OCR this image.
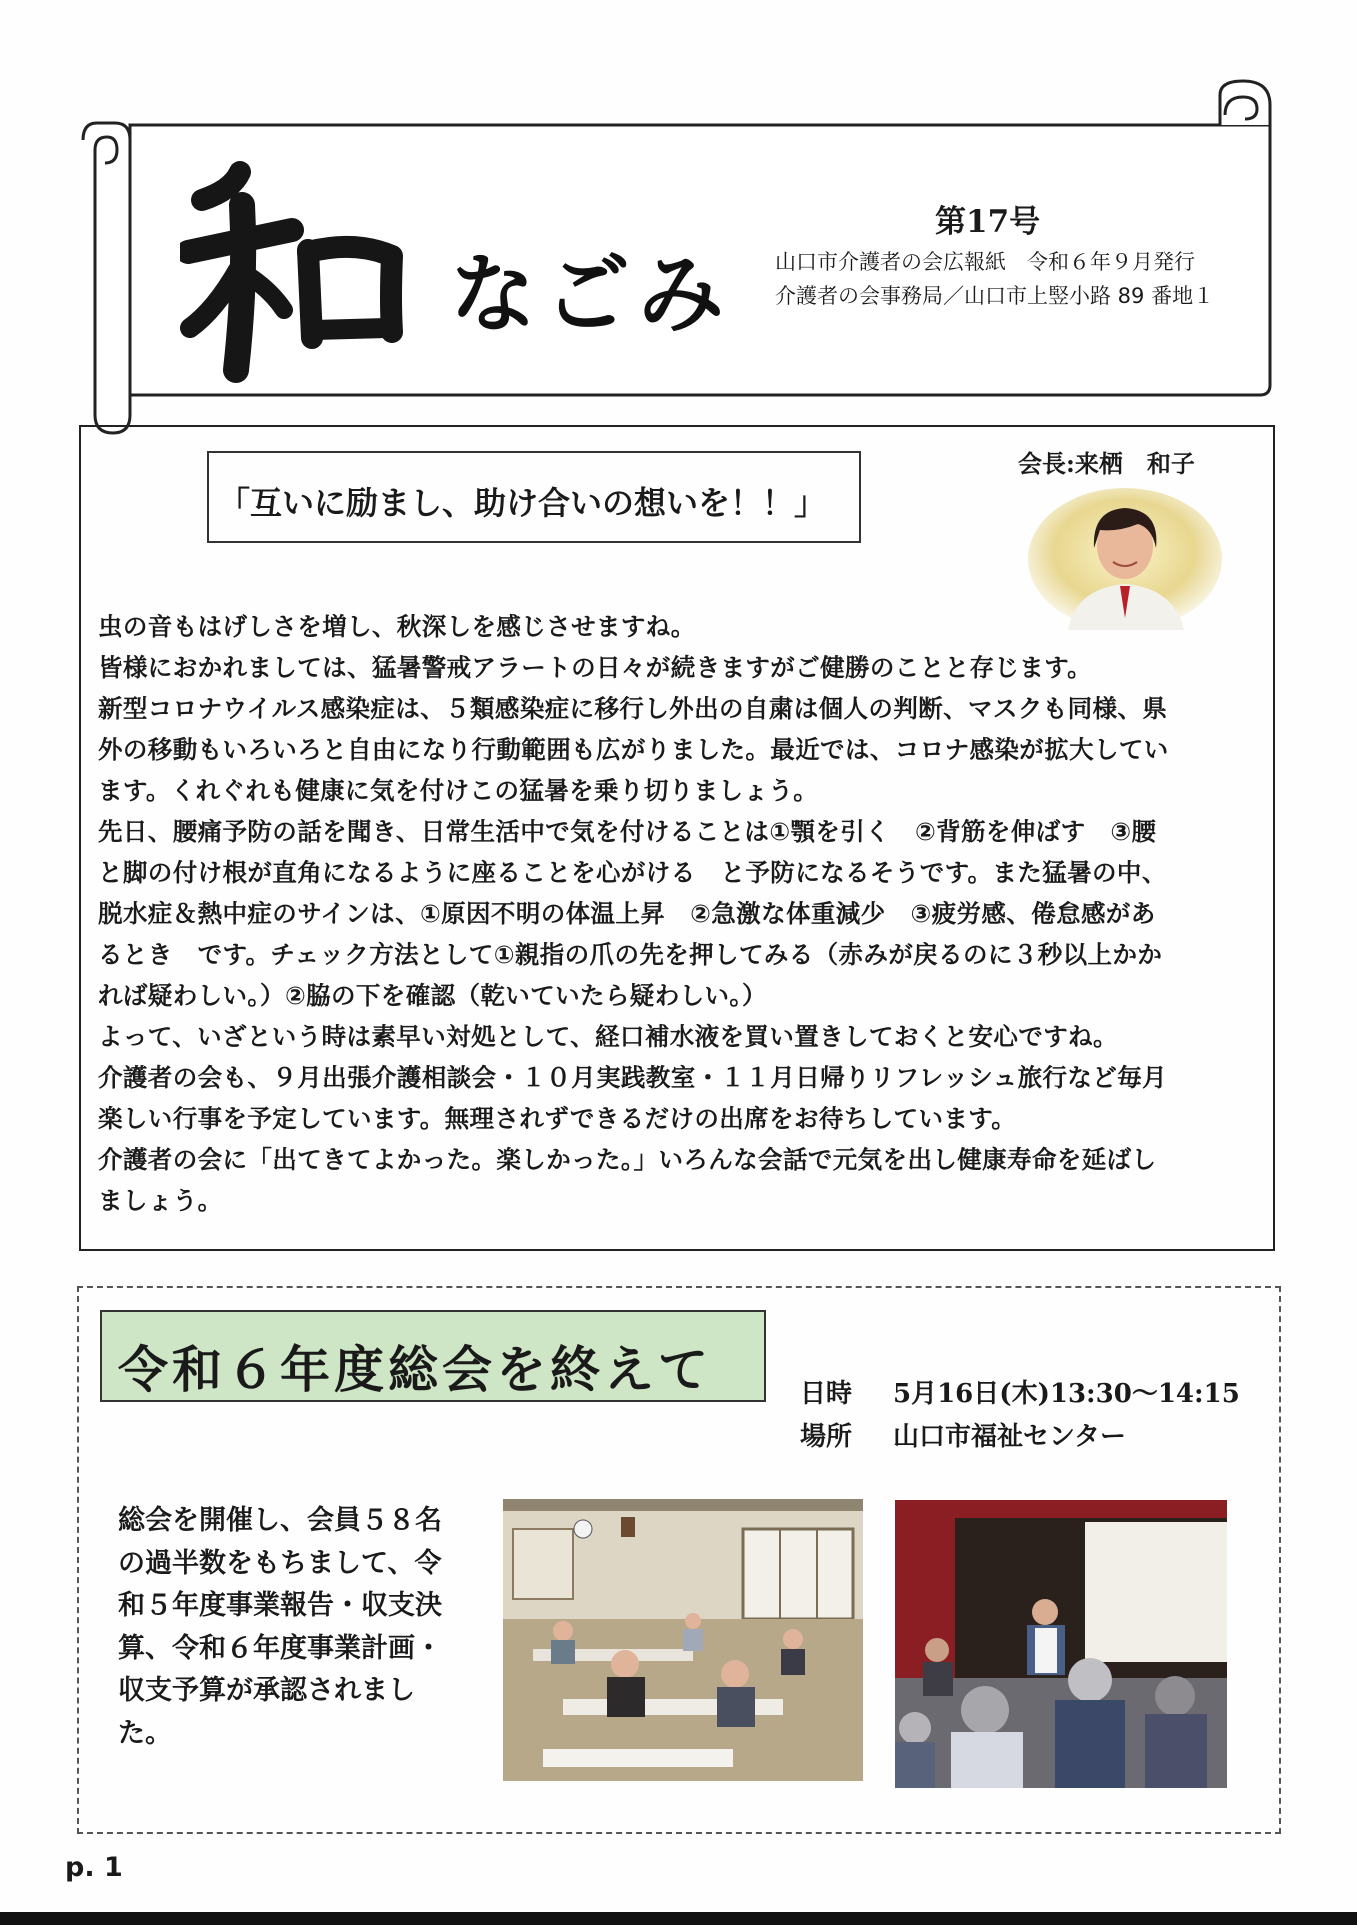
なごみ
第17号
山口市介護者の会広報紙　令和６年９月発行
介護者の会事務局／山口市上竪小路 89 番地１
「互いに励まし、助け合いの想いを！！」
会長:来栖　和子
虫の音もはげしさを増し、秋深しを感じさせますね。
皆様におかれましては、猛暑警戒アラートの日々が続きますがご健勝のことと存じます。
新型コロナウイルス感染症は、５類感染症に移行し外出の自粛は個人の判断、マスクも同様、県
外の移動もいろいろと自由になり行動範囲も広がりました。最近では、コロナ感染が拡大してい
ます。くれぐれも健康に気を付けこの猛暑を乗り切りましょう。
先日、腰痛予防の話を聞き、日常生活中で気を付けることは①顎を引く　②背筋を伸ばす　③腰
と脚の付け根が直角になるように座ることを心がける　と予防になるそうです。また猛暑の中、
脱水症＆熱中症のサインは、①原因不明の体温上昇　②急激な体重減少　③疲労感、倦怠感があ
るとき　です。チェック方法として①親指の爪の先を押してみる（赤みが戻るのに３秒以上かか
れば疑わしい。）②脇の下を確認（乾いていたら疑わしい。）
よって、いざという時は素早い対処として、経口補水液を買い置きしておくと安心ですね。
介護者の会も、９月出張介護相談会・１０月実践教室・１１月日帰りリフレッシュ旅行など毎月
楽しい行事を予定しています。無理されずできるだけの出席をお待ちしています。
介護者の会に「出てきてよかった。楽しかった。」いろんな会話で元気を出し健康寿命を延ばし
ましょう。
令和６年度総会を終えて	日時 5月16日(木)13:30～14:15
場所 山口市福祉センター
総会を開催し、会員５８名
の過半数をもちまして、令
和５年度事業報告・収支決
算、令和６年度事業計画・
収支予算が承認されまし
た。
p. 1
